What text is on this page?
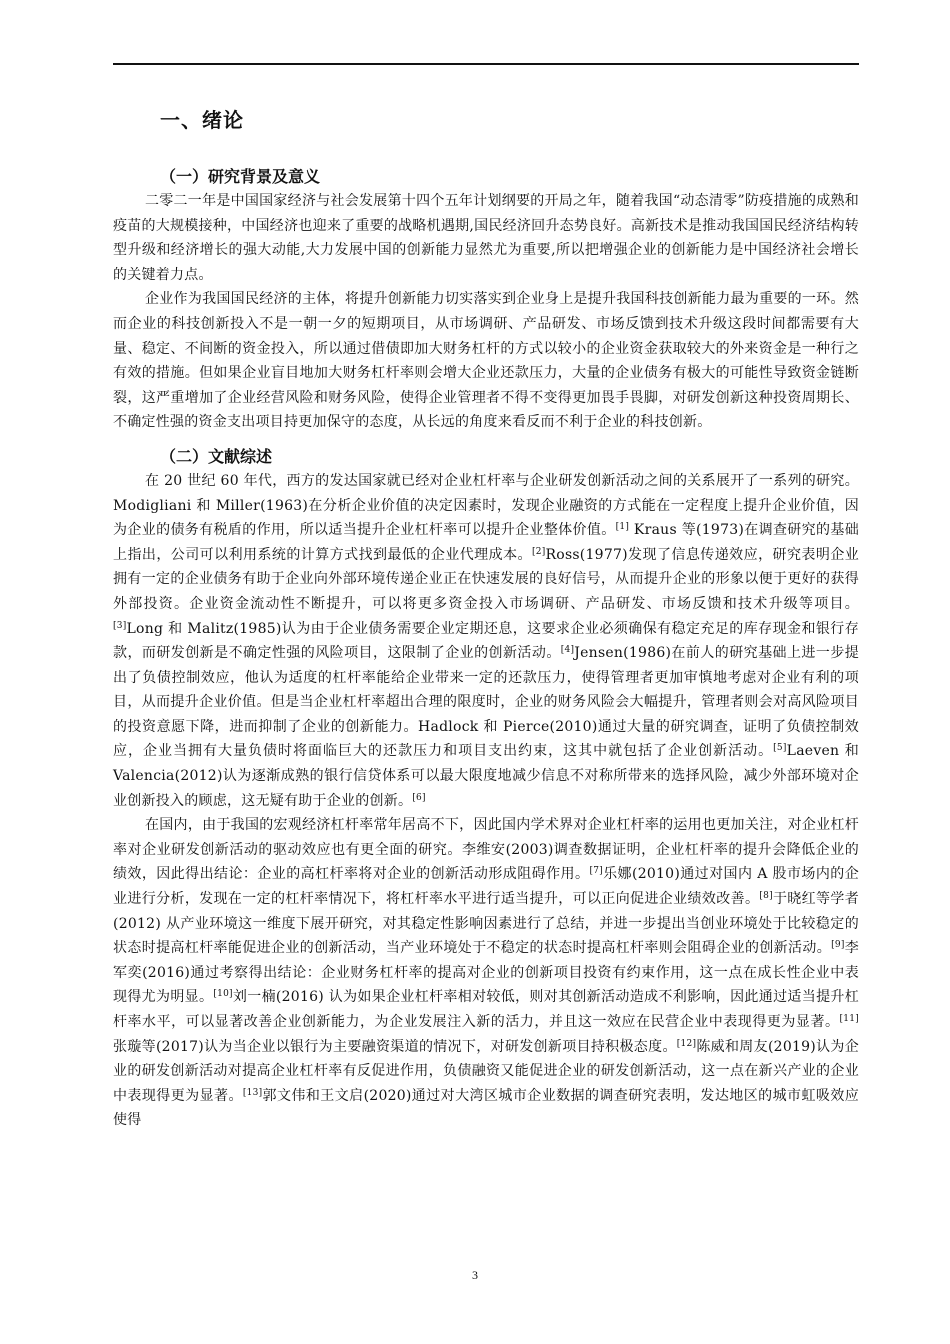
一、绪论
（一）研究背景及意义

二零二一年是中国国家经济与社会发展第十四个五年计划纲要的开局之年，随着我国“动态清零”防疫措施的成熟和疫苗的大规模接种，中国经济也迎来了重要的战略机遇期,国民经济回升态势良好。高新技术是推动我国国民经济结构转型升级和经济增长的强大动能,大力发展中国的创新能力显然尤为重要,所以把增强企业的创新能力是中国经济社会增长的关键着力点。

企业作为我国国民经济的主体，将提升创新能力切实落实到企业身上是提升我国科技创新能力最为重要的一环。然而企业的科技创新投入不是一朝一夕的短期项目，从市场调研、产品研发、市场反馈到技术升级这段时间都需要有大量、稳定、不间断的资金投入，所以通过借债即加大财务杠杆的方式以较小的企业资金获取较大的外来资金是一种行之有效的措施。但如果企业盲目地加大财务杠杆率则会增大企业还款压力，大量的企业债务有极大的可能性导致资金链断裂，这严重增加了企业经营风险和财务风险，使得企业管理者不得不变得更加畏手畏脚，对研发创新这种投资周期长、不确定性强的资金支出项目持更加保守的态度，从长远的角度来看反而不利于企业的科技创新。

（二）文献综述

在 20 世纪 60 年代，西方的发达国家就已经对企业杠杆率与企业研发创新活动之间的关系展开了一系列的研究。Modigliani 和 Miller(1963)在分析企业价值的决定因素时，发现企业融资的方式能在一定程度上提升企业价值，因为企业的债务有税盾的作用，所以适当提升企业杠杆率可以提升企业整体价值。[1] Kraus 等(1973)在调查研究的基础上指出，公司可以利用系统的计算方式找到最低的企业代理成本。[2]Ross(1977)发现了信息传递效应，研究表明企业拥有一定的企业债务有助于企业向外部环境传递企业正在快速发展的良好信号，从而提升企业的形象以便于更好的获得外部投资。企业资金流动性不断提升，可以将更多资金投入市场调研、产品研发、市场反馈和技术升级等项目。[3]Long 和 Malitz(1985)认为由于企业债务需要企业定期还息，这要求企业必须确保有稳定充足的库存现金和银行存款，而研发创新是不确定性强的风险项目，这限制了企业的创新活动。[4]Jensen(1986)在前人的研究基础上进一步提出了负债控制效应，他认为适度的杠杆率能给企业带来一定的还款压力，使得管理者更加审慎地考虑对企业有利的项目，从而提升企业价值。但是当企业杠杆率超出合理的限度时，企业的财务风险会大幅提升，管理者则会对高风险项目的投资意愿下降，进而抑制了企业的创新能力。Hadlock 和 Pierce(2010)通过大量的研究调查，证明了负债控制效应，企业当拥有大量负债时将面临巨大的还款压力和项目支出约束，这其中就包括了企业创新活动。[5]Laeven 和 Valencia(2012)认为逐渐成熟的银行信贷体系可以最大限度地减少信息不对称所带来的选择风险，减少外部环境对企业创新投入的顾虑，这无疑有助于企业的创新。[6]

在国内，由于我国的宏观经济杠杆率常年居高不下，因此国内学术界对企业杠杆率的运用也更加关注，对企业杠杆率对企业研发创新活动的驱动效应也有更全面的研究。李维安(2003)调查数据证明，企业杠杆率的提升会降低企业的绩效，因此得出结论：企业的高杠杆率将对企业的创新活动形成阻碍作用。[7]乐娜(2010)通过对国内 A 股市场内的企业进行分析，发现在一定的杠杆率情况下，将杠杆率水平进行适当提升，可以正向促进企业绩效改善。[8]于晓红等学者(2012) 从产业环境这一维度下展开研究，对其稳定性影响因素进行了总结，并进一步提出当创业环境处于比较稳定的状态时提高杠杆率能促进企业的创新活动，当产业环境处于不稳定的状态时提高杠杆率则会阻碍企业的创新活动。[9]李军奕(2016)通过考察得出结论：企业财务杠杆率的提高对企业的创新项目投资有约束作用，这一点在成长性企业中表现得尤为明显。[10]刘一楠(2016) 认为如果企业杠杆率相对较低，则对其创新活动造成不利影响，因此通过适当提升杠杆率水平，可以显著改善企业创新能力，为企业发展注入新的活力，并且这一效应在民营企业中表现得更为显著。[11]张璇等(2017)认为当企业以银行为主要融资渠道的情况下，对研发创新项目持积极态度。[12]陈威和周友(2019)认为企业的研发创新活动对提高企业杠杆率有反促进作用，负债融资又能促进企业的研发创新活动，这一点在新兴产业的企业中表现得更为显著。[13]郭文伟和王文启(2020)通过对大湾区城市企业数据的调查研究表明，发达地区的城市虹吸效应使得

3
